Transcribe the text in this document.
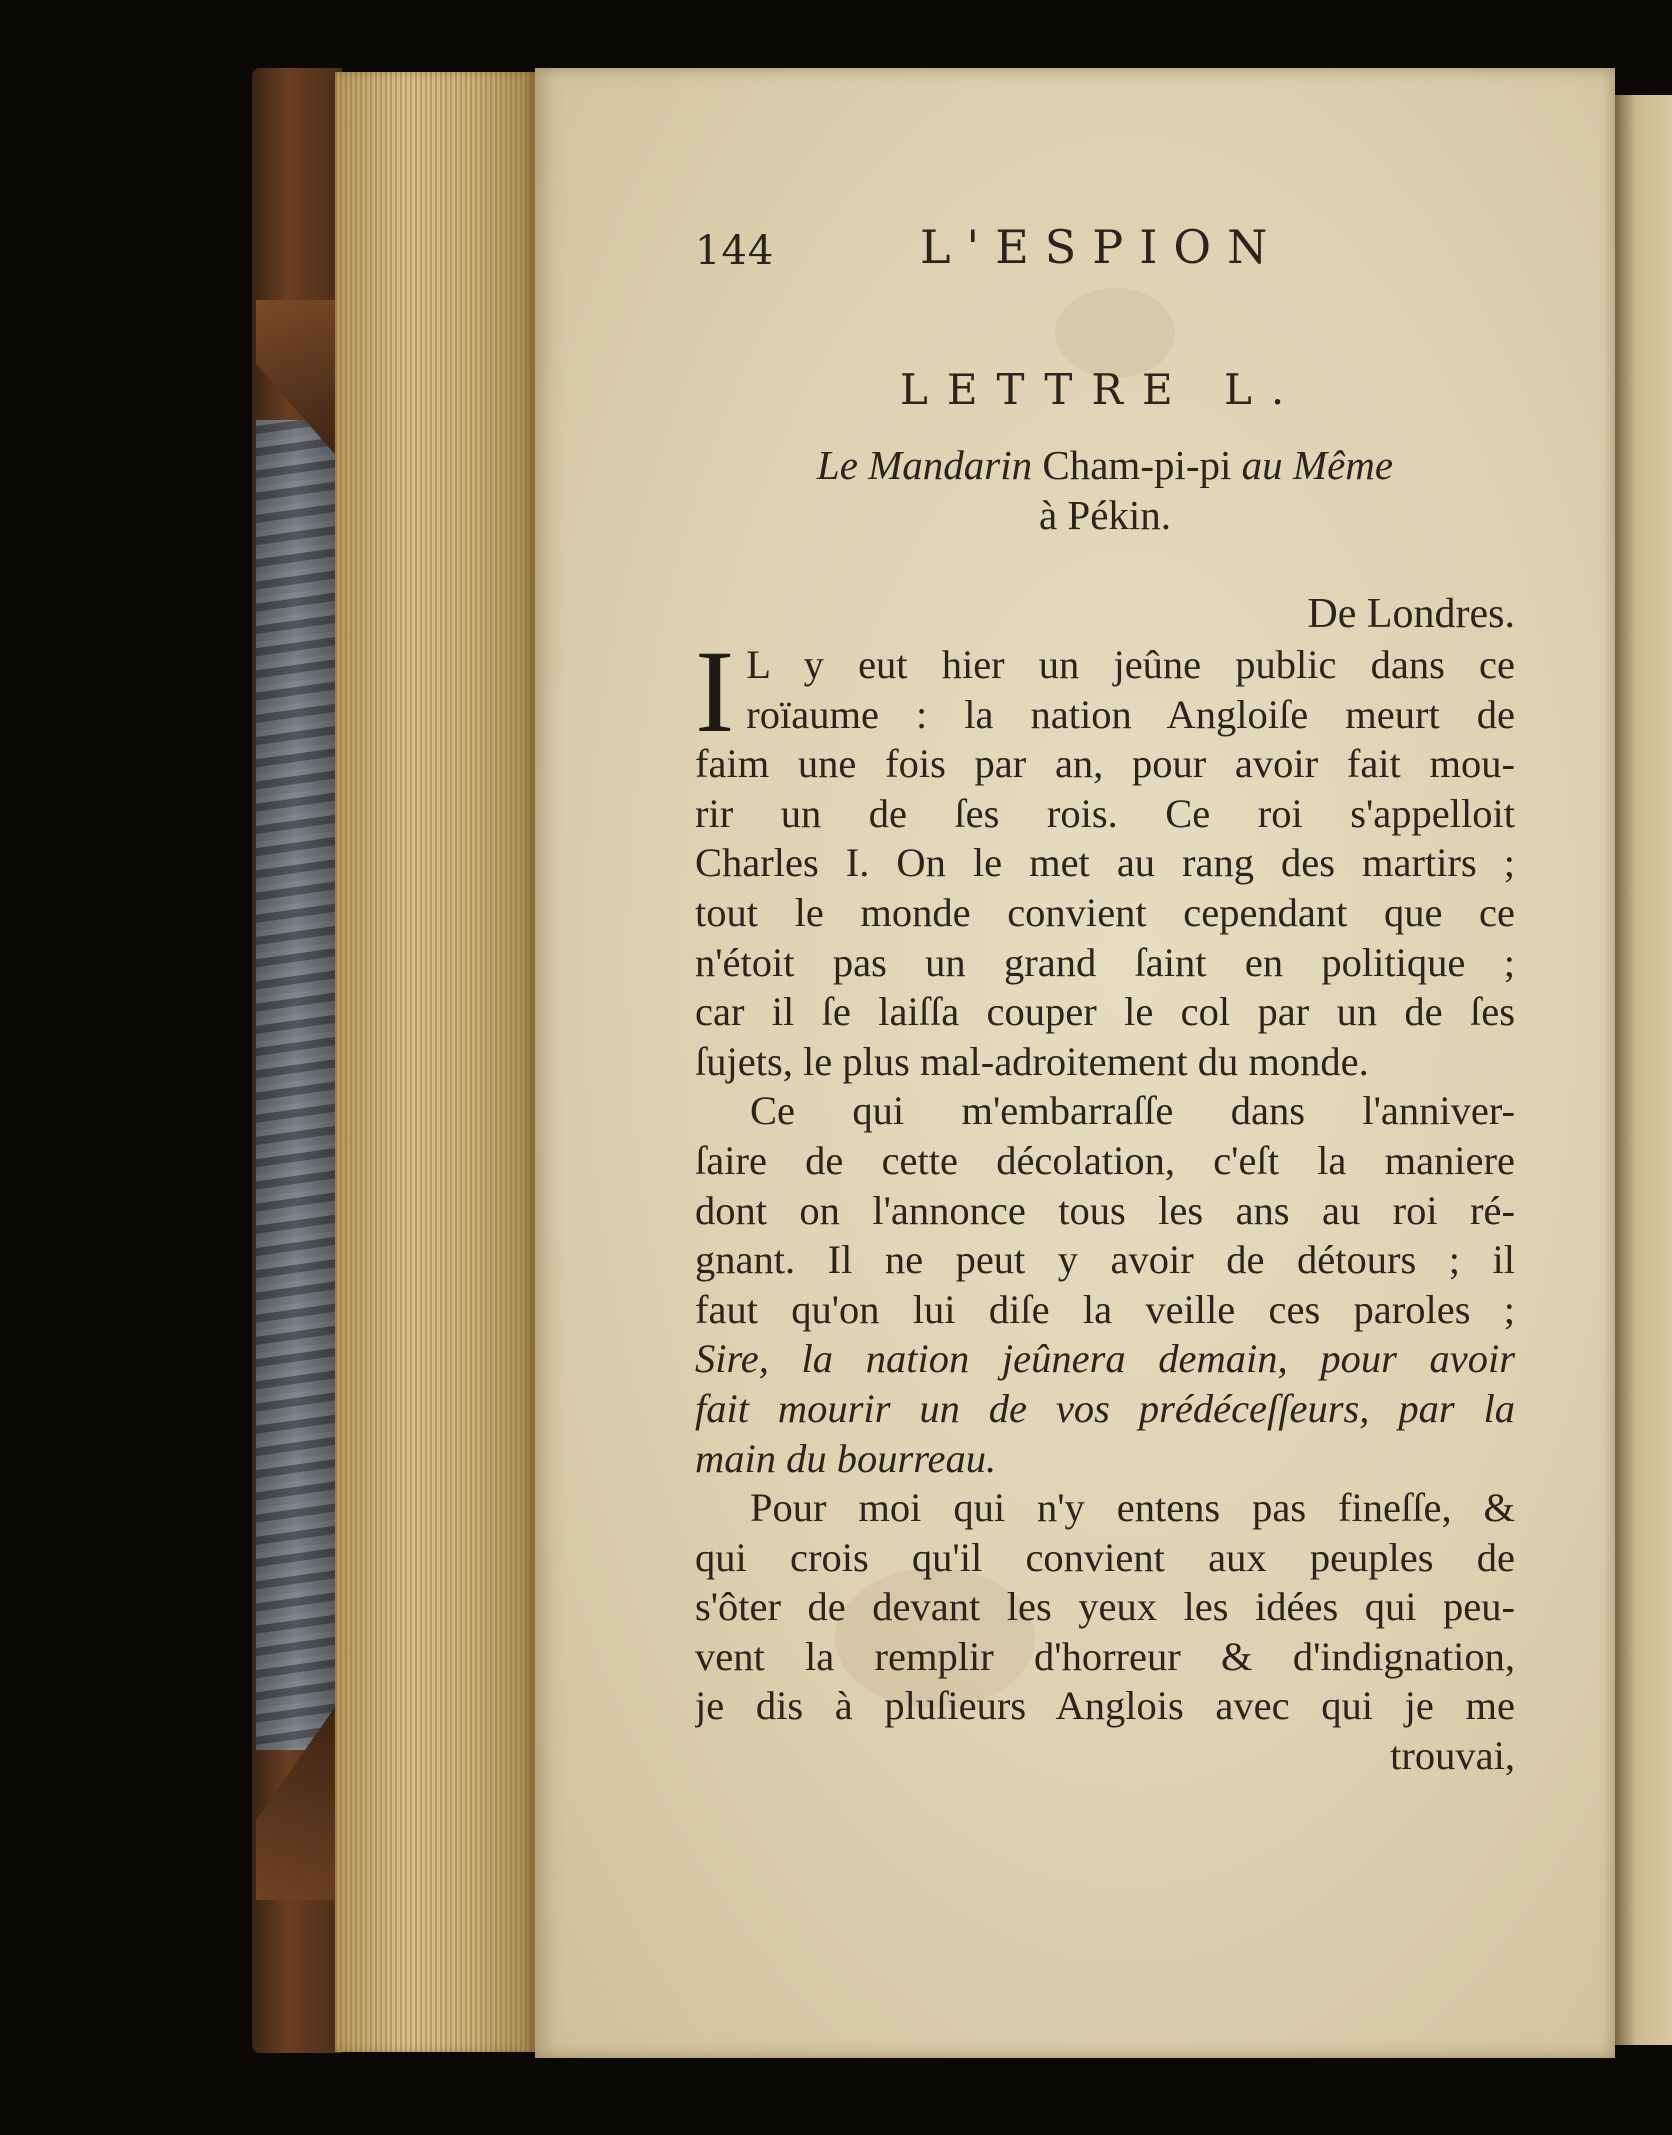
144	L'ESPION
LETTRE L.
Le Mandarin Cham-pi-pi au Même
à Pékin.
De Londres.
I L y eut hier un jeûne public dans ce
roïaume : la nation Angloiſe meurt de
faim une fois par an, pour avoir fait mou-
rir un de ſes rois. Ce roi s'appelloit
Charles I. On le met au rang des martirs ;
tout le monde convient cependant que ce
n'étoit pas un grand ſaint en politique ;
car il ſe laiſſa couper le col par un de ſes
ſujets, le plus mal-adroitement du monde.
Ce qui m'embarraſſe dans l'anniver-
ſaire de cette décolation, c'eſt la maniere
dont on l'annonce tous les ans au roi ré-
gnant. Il ne peut y avoir de détours ; il
faut qu'on lui diſe la veille ces paroles ;
Sire, la nation jeûnera demain, pour avoir
fait mourir un de vos prédéceſſeurs, par la
main du bourreau.
Pour moi qui n'y entens pas fineſſe, &
qui crois qu'il convient aux peuples de
s'ôter de devant les yeux les idées qui peu-
vent la remplir d'horreur & d'indignation,
je dis à pluſieurs Anglois avec qui je me
trouvai,
